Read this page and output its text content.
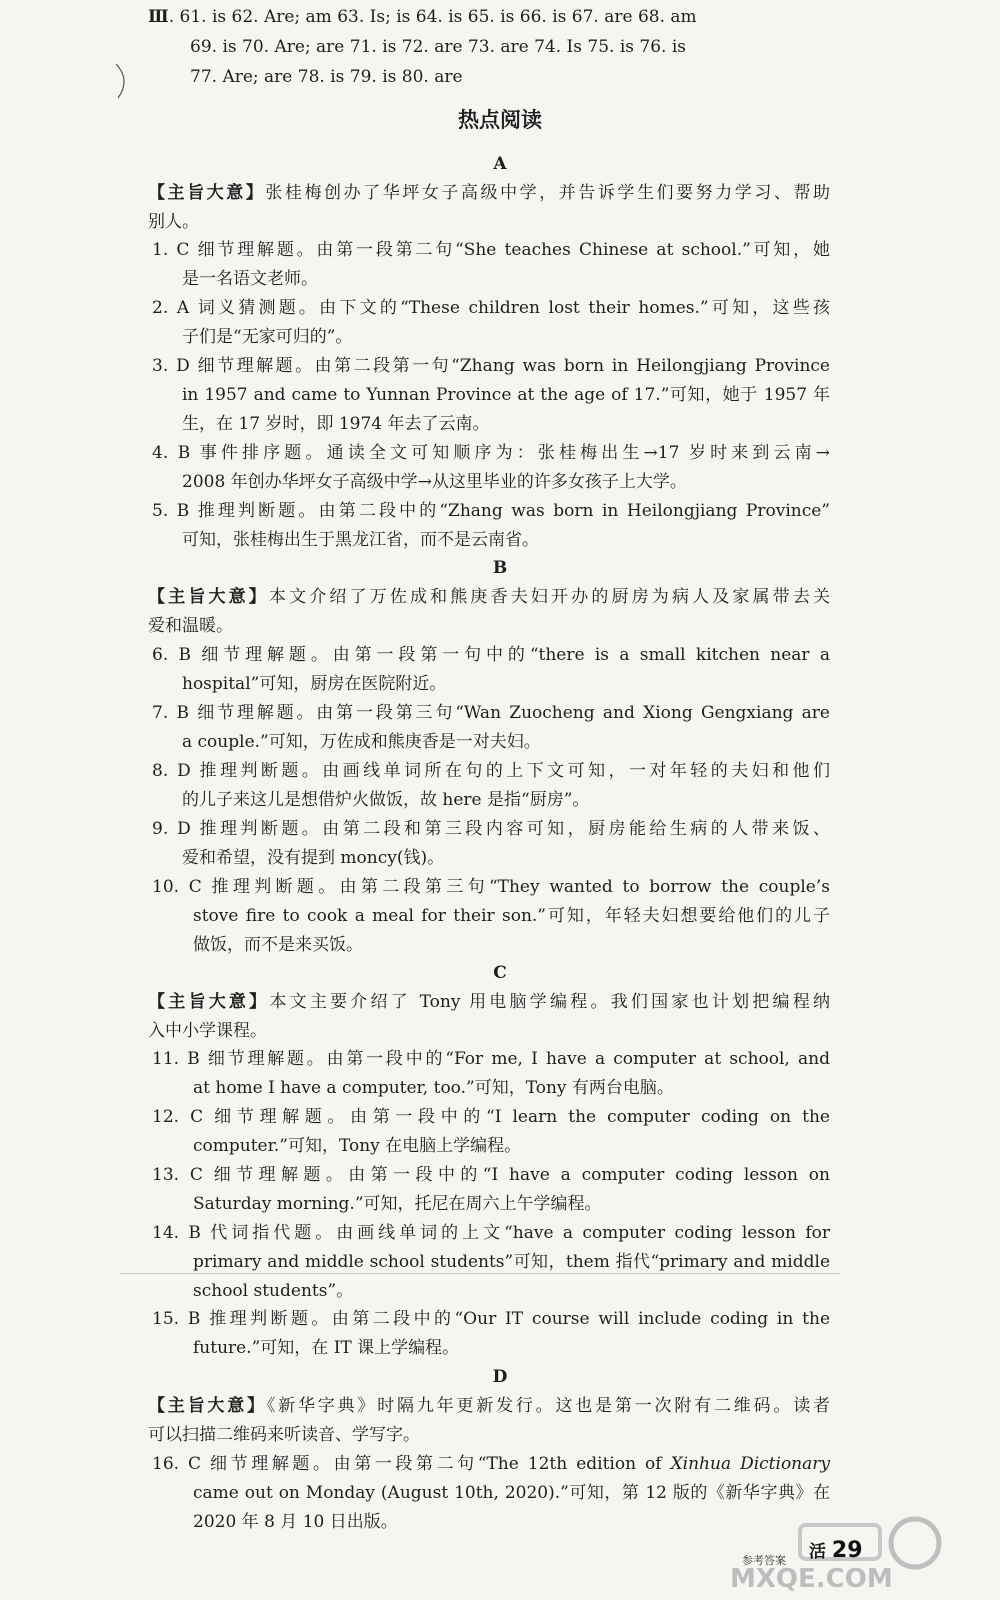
Ⅲ. 61. is 62. Are; am 63. Is; is 64. is 65. is 66. is 67. are 68. am
69. is 70. Are; are 71. is 72. are 73. are 74. Is 75. is 76. is
77. Are; are 78. is 79. is 80. are
热点阅读
A
【主旨大意】张桂梅创办了华坪女子高级中学，并告诉学生们要努力学习、帮助
别人。
1. C 细节理解题。由第一段第二句“She teaches Chinese at school.”可知，她
是一名语文老师。
2. A 词义猜测题。由下文的“These children lost their homes.”可知，这些孩
子们是“无家可归的”。
3. D 细节理解题。由第二段第一句“Zhang was born in Heilongjiang Province
in 1957 and came to Yunnan Province at the age of 17.”可知，她于 1957 年
生，在 17 岁时，即 1974 年去了云南。
4. B 事件排序题。通读全文可知顺序为：张桂梅出生→17 岁时来到云南→
2008 年创办华坪女子高级中学→从这里毕业的许多女孩子上大学。
5. B 推理判断题。由第二段中的“Zhang was born in Heilongjiang Province”
可知，张桂梅出生于黑龙江省，而不是云南省。
B
【主旨大意】本文介绍了万佐成和熊庚香夫妇开办的厨房为病人及家属带去关
爱和温暖。
6. B 细节理解题。由第一段第一句中的“there is a small kitchen near a
hospital”可知，厨房在医院附近。
7. B 细节理解题。由第一段第三句“Wan Zuocheng and Xiong Gengxiang are
a couple.”可知，万佐成和熊庚香是一对夫妇。
8. D 推理判断题。由画线单词所在句的上下文可知，一对年轻的夫妇和他们
的儿子来这儿是想借炉火做饭，故 here 是指“厨房”。
9. D 推理判断题。由第二段和第三段内容可知，厨房能给生病的人带来饭、
爱和希望，没有提到 moncy(钱)。
10. C 推理判断题。由第二段第三句“They wanted to borrow the couple’s
stove fire to cook a meal for their son.”可知，年轻夫妇想要给他们的儿子
做饭，而不是来买饭。
C
【主旨大意】本文主要介绍了 Tony 用电脑学编程。我们国家也计划把编程纳
入中小学课程。
11. B 细节理解题。由第一段中的“For me, I have a computer at school, and
at home I have a computer, too.”可知，Tony 有两台电脑。
12. C 细节理解题。由第一段中的“I learn the computer coding on the
computer.”可知，Tony 在电脑上学编程。
13. C 细节理解题。由第一段中的“I have a computer coding lesson on
Saturday morning.”可知，托尼在周六上午学编程。
14. B 代词指代题。由画线单词的上文“have a computer coding lesson for
primary and middle school students”可知，them 指代“primary and middle
school students”。
15. B 推理判断题。由第二段中的“Our IT course will include coding in the
future.”可知，在 IT 课上学编程。
D
【主旨大意】《新华字典》时隔九年更新发行。这也是第一次附有二维码。读者
可以扫描二维码来听读音、学写字。
16. C 细节理解题。由第一段第二句“The 12th edition of Xinhua Dictionary
came out on Monday (August 10th, 2020).”可知，第 12 版的《新华字典》在
2020 年 8 月 10 日出版。
MXQE.COM
参考答案 活 29
